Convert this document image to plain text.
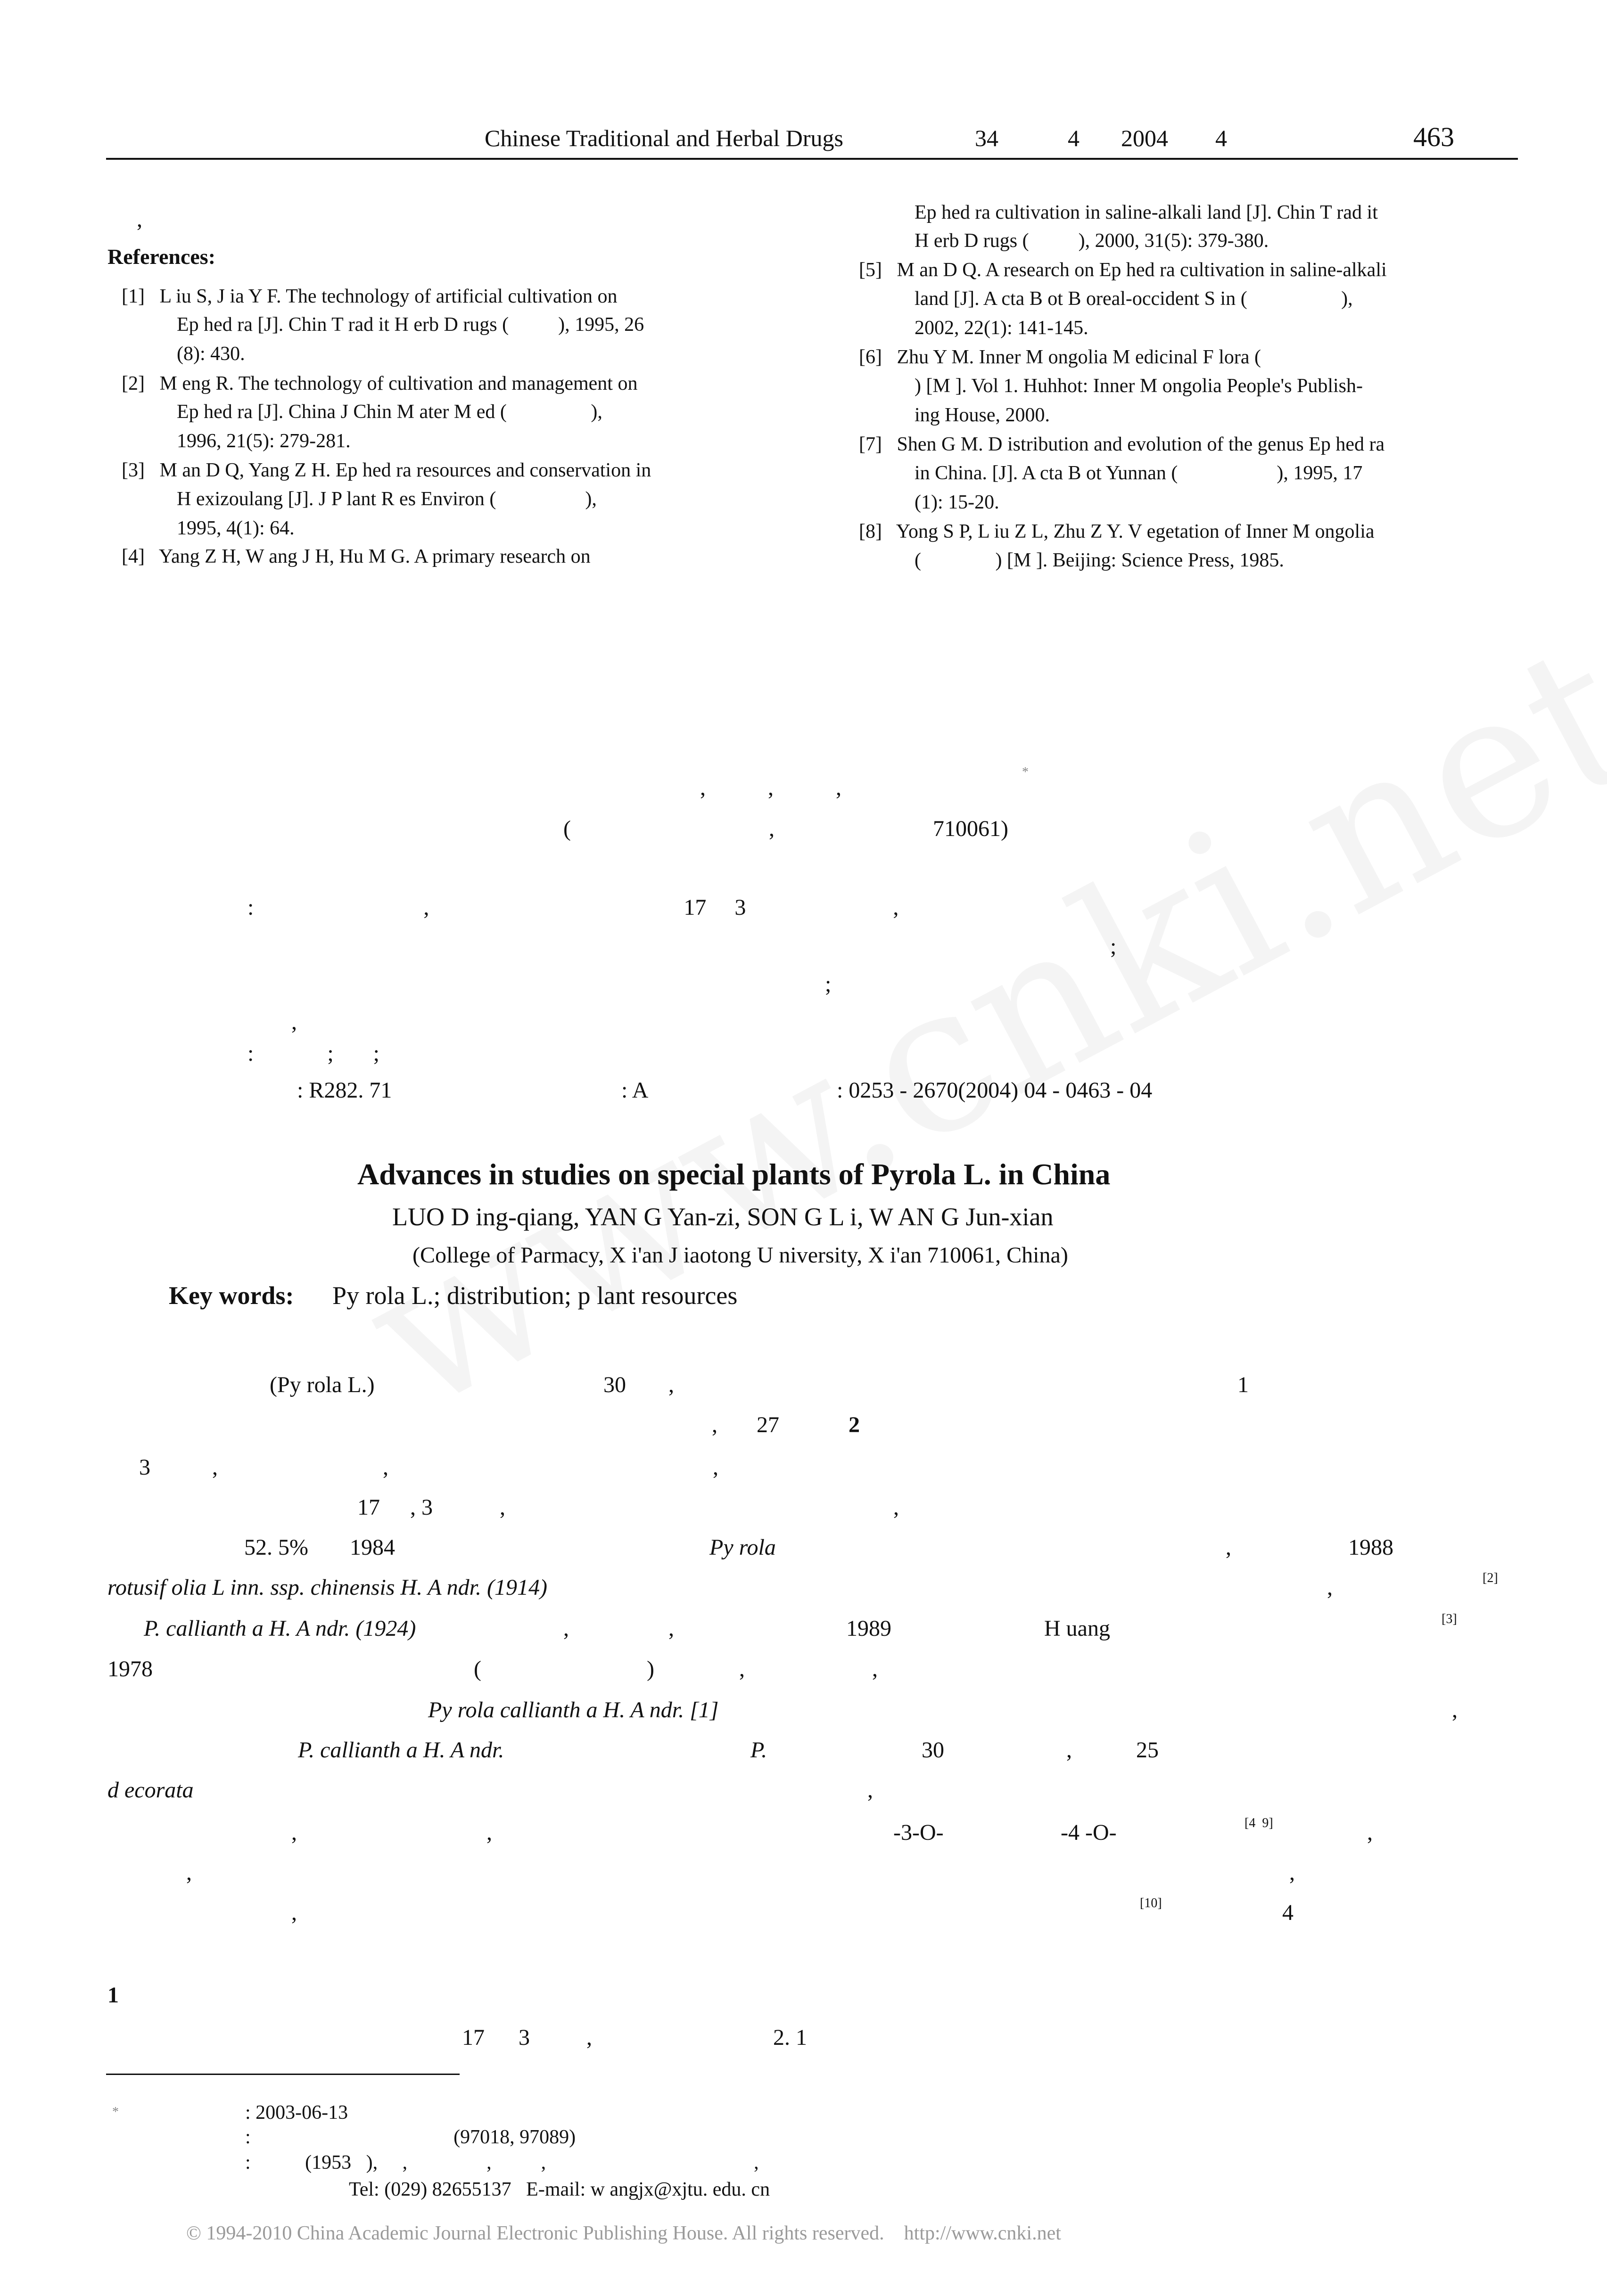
Chinese Traditional and Herbal Drugs	34	4 2004 4	463
,
References:
[1]   L iu S, J ia Y F. The technology of artificial cultivation on
Ep hed ra [J]. Chin T rad it H erb D rugs (          ), 1995, 26
(8): 430.
[2]   M eng R. The technology of cultivation and management on
Ep hed ra [J]. China J Chin M ater M ed (                 ),
1996, 21(5): 279-281.
[3]   M an D Q, Yang Z H. Ep hed ra resources and conservation in
H exizoulang [J]. J P lant R es Environ (                  ),
1995, 4(1): 64.
[4]   Yang Z H, W ang J H, Hu M G. A primary research on
Ep hed ra cultivation in saline-alkali land [J]. Chin T rad it
H erb D rugs (          ), 2000, 31(5): 379-380.
[5]   M an D Q. A research on Ep hed ra cultivation in saline-alkali
land [J]. A cta B ot B oreal-occident S in (                   ),
2002, 22(1): 141-145.
[6]   Zhu Y M. Inner M ongolia M edicinal F lora (
) [M ]. Vol 1. Huhhot: Inner M ongolia People's Publish-
ing House, 2000.
[7]   Shen G M. D istribution and evolution of the genus Ep hed ra
in China. [J]. A cta B ot Yunnan (                    ), 1995, 17
(1): 15-20.
[8]   Yong S P, L iu Z L, Zhu Z Y. V egetation of Inner M ongolia
(               ) [M ]. Beijing: Science Press, 1985.
*
,           ,           ,
(                                   ,                            710061)
:                              ,                                             17     3                          ,
;
;
,
:             ;       ;
: R282. 71	: A	: 0253 - 2670(2004) 04 - 0463 - 04
Advances in studies on special plants of Pyrola L. in China
LUO D ing-qiang, YAN G Yan-zi, SON G L i, W AN G Jun-xian
(College of Parmacy, X i'an J iaotong U niversity, X i'an 710061, China)
Key words: Py rola L.; distribution; p lant resources
(Py rola L.)	30 ,	1
, 27	2
3	,	,	,
17 , 3	,	,
52. 5% 1984	Py rola	,	1988
rotusif olia L inn. ssp. chinensis H. A ndr. (1914)	,	[2]
P. callianth a H. A ndr. (1924)	,	,	1989	H uang	[3]
1978	(	)	,	,
Py rola callianth a H. A ndr. [1]	,
P. callianth a H. A ndr.	P.	30	,	25
d ecorata	,
,	,	-3-O-	-4 -O-	[4  9]	,
,	,
,	[10]	4
1
17      3          ,                                2. 1
*	: 2003-06-13
:                                         (97018, 97089)
:           (1953   ),     ,                ,          ,                                          ,
Tel: (029) 82655137   E-mail: w angjx@xjtu. edu. cn
© 1994-2010 China Academic Journal Electronic Publishing House. All rights reserved.    http://www.cnki.net
